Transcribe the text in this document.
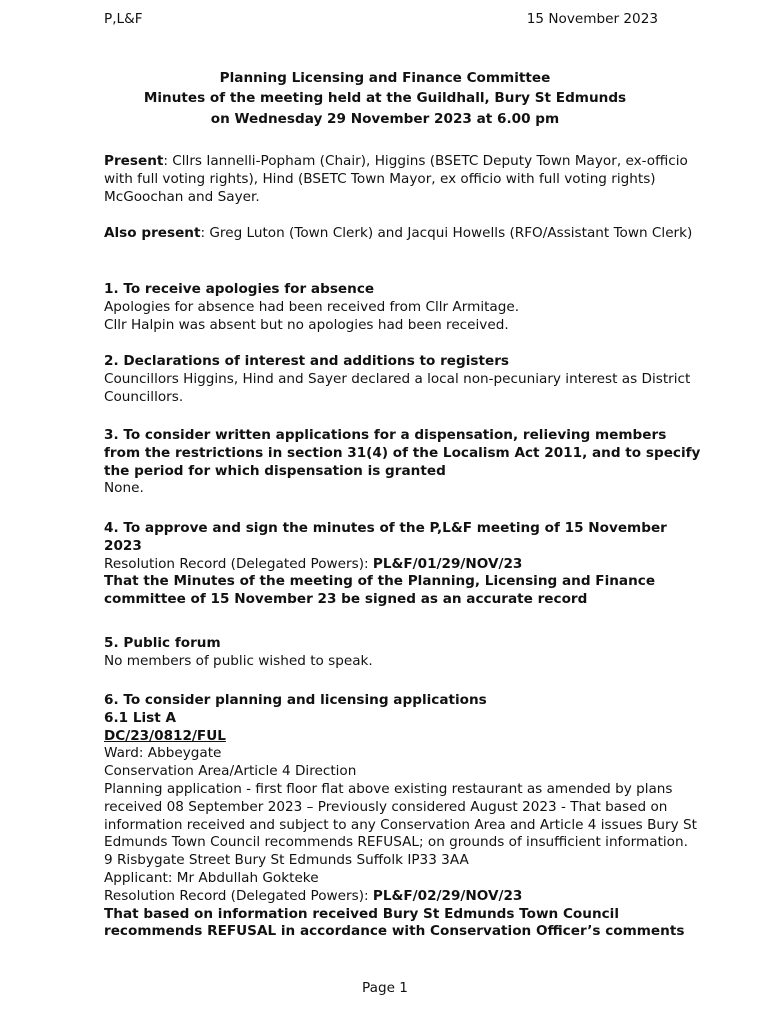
P,L&F	15 November 2023
Planning Licensing and Finance Committee
Minutes of the meeting held at the Guildhall, Bury St Edmunds
on Wednesday 29 November 2023 at 6.00 pm

Present: Cllrs Iannelli-Popham (Chair), Higgins (BSETC Deputy Town Mayor, ex-officio with full voting rights), Hind (BSETC Town Mayor, ex officio with full voting rights) McGoochan and Sayer.

Also present: Greg Luton (Town Clerk) and Jacqui Howells (RFO/Assistant Town Clerk)

1. To receive apologies for absence

Apologies for absence had been received from Cllr Armitage.

Cllr Halpin was absent but no apologies had been received.

2. Declarations of interest and additions to registers

Councillors Higgins, Hind and Sayer declared a local non-pecuniary interest as District Councillors.

3. To consider written applications for a dispensation, relieving members from the restrictions in section 31(4) of the Localism Act 2011, and to specify the period for which dispensation is granted

None.

4. To approve and sign the minutes of the P,L&F meeting of 15 November 2023

Resolution Record (Delegated Powers): PL&F/01/29/NOV/23

That the Minutes of the meeting of the Planning, Licensing and Finance committee of 15 November 23 be signed as an accurate record

5. Public forum

No members of public wished to speak.

6. To consider planning and licensing applications

6.1 List A

DC/23/0812/FUL

Ward: Abbeygate

Conservation Area/Article 4 Direction

Planning application - first floor flat above existing restaurant as amended by plans received 08 September 2023 – Previously considered August 2023 - That based on information received and subject to any Conservation Area and Article 4 issues Bury St Edmunds Town Council recommends REFUSAL; on grounds of insufficient information.

9 Risbygate Street Bury St Edmunds Suffolk IP33 3AA

Applicant: Mr Abdullah Gokteke

Resolution Record (Delegated Powers): PL&F/02/29/NOV/23

That based on information received Bury St Edmunds Town Council recommends REFUSAL in accordance with Conservation Officer’s comments

Page 1
